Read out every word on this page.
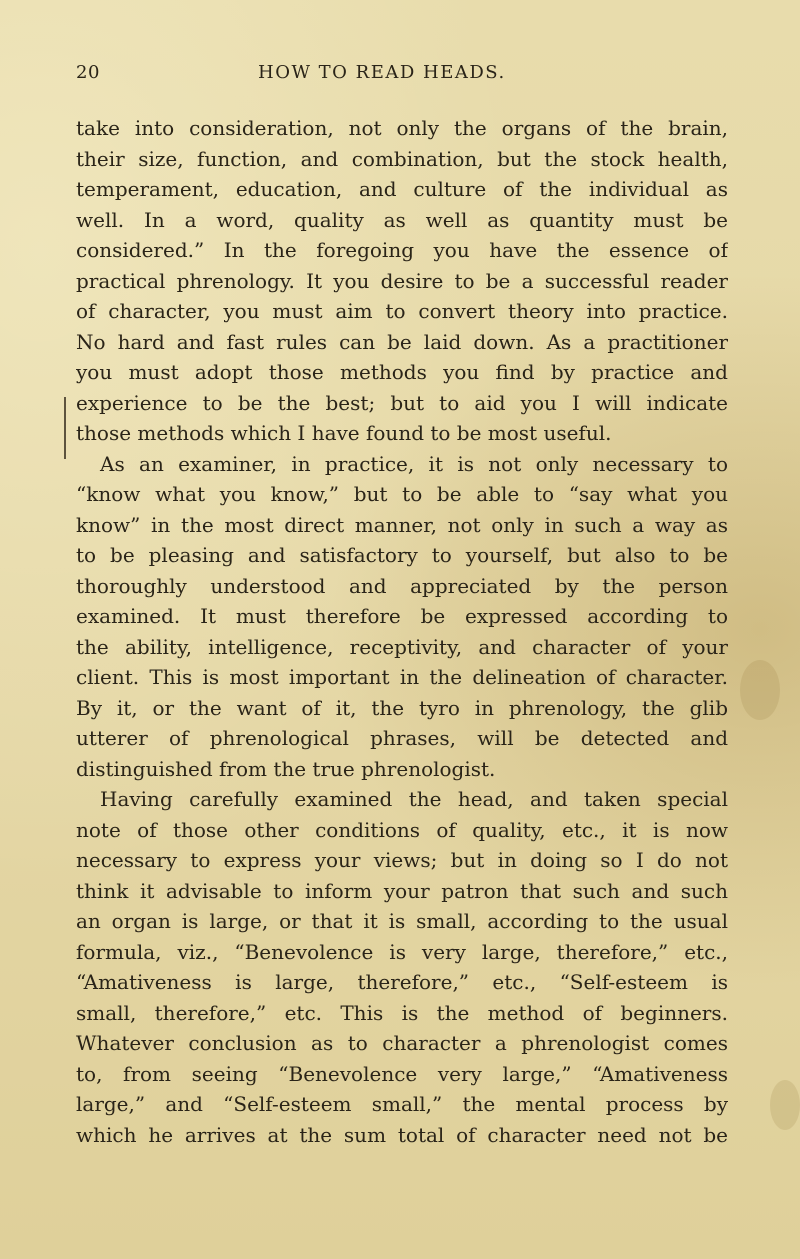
20	HOW TO READ HEADS.
take into consideration, not only the organs of the brain,
their size, function, and combination, but the stock health,
temperament, education, and culture of the individual as
well. In a word, quality as well as quantity must be
considered.” In the foregoing you have the essence of
practical phrenology. It you desire to be a successful reader
of character, you must aim to convert theory into practice.
No hard and fast rules can be laid down. As a practitioner
you must adopt those methods you find by practice and
experience to be the best; but to aid you I will indicate
those methods which I have found to be most useful.
As an examiner, in practice, it is not only necessary to
“know what you know,” but to be able to “say what you
know” in the most direct manner, not only in such a way as
to be pleasing and satisfactory to yourself, but also to be
thoroughly understood and appreciated by the person
examined. It must therefore be expressed according to
the ability, intelligence, receptivity, and character of your
client. This is most important in the delineation of character.
By it, or the want of it, the tyro in phrenology, the glib
utterer of phrenological phrases, will be detected and
distinguished from the true phrenologist.
Having carefully examined the head, and taken special
note of those other conditions of quality, etc., it is now
necessary to express your views; but in doing so I do not
think it advisable to inform your patron that such and such
an organ is large, or that it is small, according to the usual
formula, viz., “Benevolence is very large, therefore,” etc.,
“Amativeness is large, therefore,” etc., “Self-esteem is
small, therefore,” etc. This is the method of beginners.
Whatever conclusion as to character a phrenologist comes
to, from seeing “Benevolence very large,” “Amativeness
large,” and “Self-esteem small,” the mental process by
which he arrives at the sum total of character need not be
